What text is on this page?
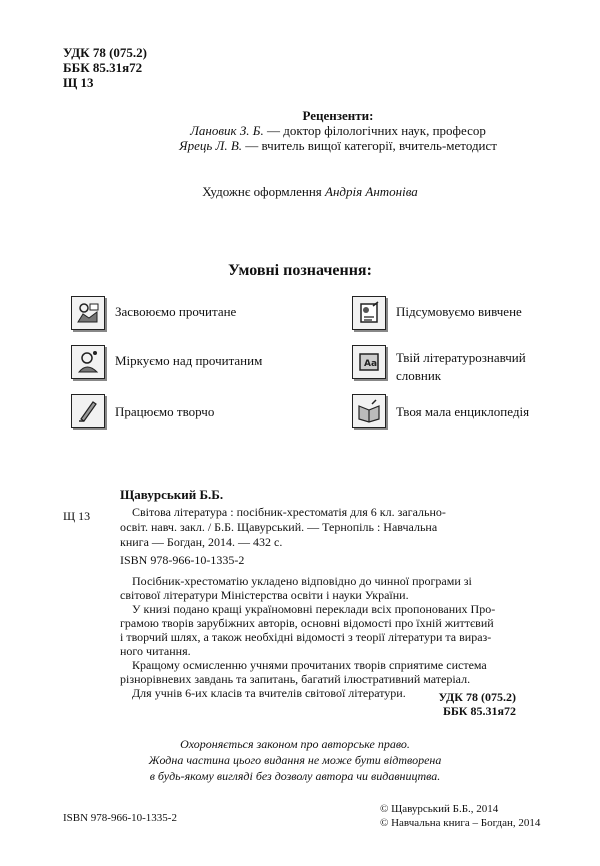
УДК 78 (075.2)
ББК 85.31я72
Щ 13
Рецензенти:
Лановик З. Б. — доктор філологічних наук, професор
Ярець Л. В. — вчитель вищої категорії, вчитель-методист
Художнє оформлення Андрія Антоніва
Умовні позначення:
Засвоюємо прочитане	Підсумовуємо вивчене
Міркуємо над прочитаним	Aa Твій літературознавчий
словник
Працюємо творчо	Твоя мала енциклопедія
Щавурський Б.Б.
Щ 13	Світова література : посібник-хрестоматія для 6 кл. загально-
освіт. навч. закл. / Б.Б. Щавурський. — Тернопіль : Навчальна
книга — Богдан, 2014. — 432 с.
ISBN 978-966-10-1335-2
Посібник-хрестоматію укладено відповідно до чинної програми зі
світової літератури Міністерства освіти і науки України.
У книзі подано кращі україномовні переклади всіх пропонованих Про-
грамою творів зарубіжних авторів, основні відомості про їхній життєвий
і творчий шлях, а також необхідні відомості з теорії літератури та вираз-
ного читання.
Кращому осмисленню учнями прочитаних творів сприятиме система
різнорівневих завдань та запитань, багатий ілюстративний матеріал.
Для учнів 6-их класів та вчителів світової літератури.	УДК 78 (075.2)
ББК 85.31я72
Охороняється законом про авторське право.
Жодна частина цього видання не може бути відтворена
в будь-якому вигляді без дозволу автора чи видавництва.
ISBN 978-966-10-1335-2
© Щавурський Б.Б., 2014
© Навчальна книга – Богдан, 2014
